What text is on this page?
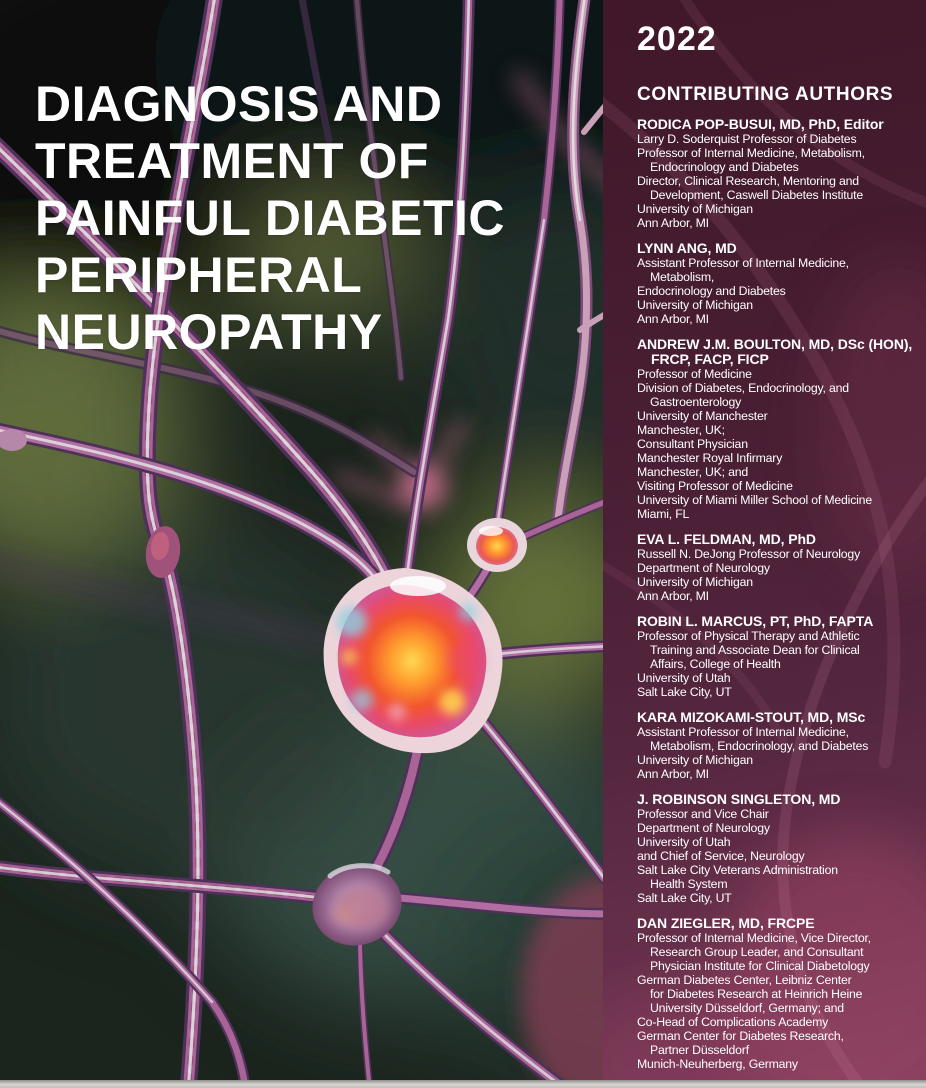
DIAGNOSIS AND
TREATMENT OF
PAINFUL DIABETIC
PERIPHERAL
NEUROPATHY
2022
CONTRIBUTING AUTHORS
RODICA POP-BUSUI, MD, PhD, Editor
Larry D. Soderquist Professor of Diabetes
Professor of Internal Medicine, Metabolism,
Endocrinology and Diabetes
Director, Clinical Research, Mentoring and
Development, Caswell Diabetes Institute
University of Michigan
Ann Arbor, MI
LYNN ANG, MD
Assistant Professor of Internal Medicine,
Metabolism,
Endocrinology and Diabetes
University of Michigan
Ann Arbor, MI
ANDREW J.M. BOULTON, MD, DSc (HON), FRCP, FACP, FICP
Professor of Medicine
Division of Diabetes, Endocrinology, and
Gastroenterology
University of Manchester
Manchester, UK;
Consultant Physician
Manchester Royal Infirmary
Manchester, UK; and
Visiting Professor of Medicine
University of Miami Miller School of Medicine
Miami, FL
EVA L. FELDMAN, MD, PhD
Russell N. DeJong Professor of Neurology
Department of Neurology
University of Michigan
Ann Arbor, MI
ROBIN L. MARCUS, PT, PhD, FAPTA
Professor of Physical Therapy and Athletic
Training and Associate Dean for Clinical
Affairs, College of Health
University of Utah
Salt Lake City, UT
KARA MIZOKAMI-STOUT, MD, MSc
Assistant Professor of Internal Medicine,
Metabolism, Endocrinology, and Diabetes
University of Michigan
Ann Arbor, MI
J. ROBINSON SINGLETON, MD
Professor and Vice Chair
Department of Neurology
University of Utah
and Chief of Service, Neurology
Salt Lake City Veterans Administration
Health System
Salt Lake City, UT
DAN ZIEGLER, MD, FRCPE
Professor of Internal Medicine, Vice Director,
Research Group Leader, and Consultant
Physician Institute for Clinical Diabetology
German Diabetes Center, Leibniz Center
for Diabetes Research at Heinrich Heine
University Düsseldorf, Germany; and
Co-Head of Complications Academy
German Center for Diabetes Research,
Partner Düsseldorf
Munich-Neuherberg, Germany
